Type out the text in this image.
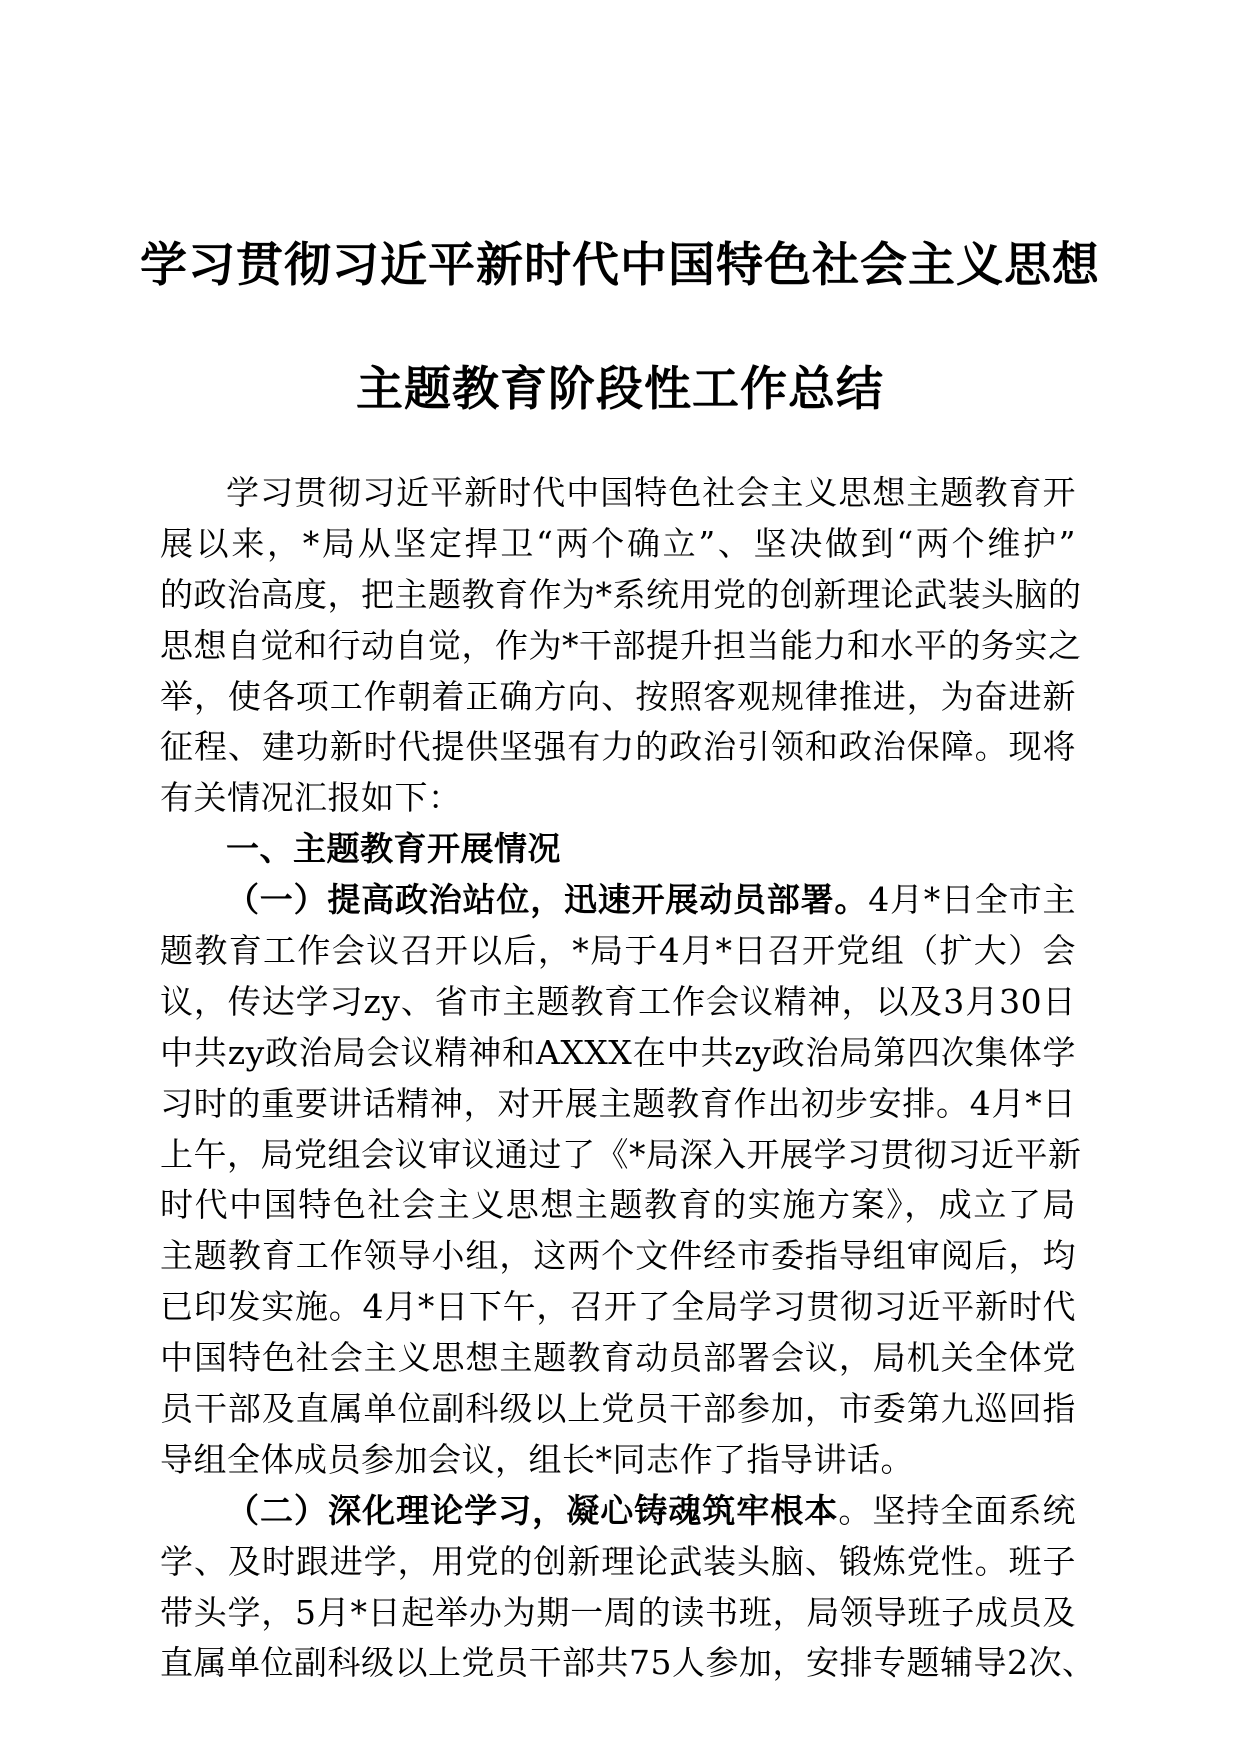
学习贯彻习近平新时代中国特色社会主义思想
主题教育阶段性工作总结
学习贯彻习近平新时代中国特色社会主义思想主题教育开
展以来，*局从坚定捍卫“两个确立”、坚决做到“两个维护”
的政治高度，把主题教育作为*系统用党的创新理论武装头脑的
思想自觉和行动自觉，作为*干部提升担当能力和水平的务实之
举，使各项工作朝着正确方向、按照客观规律推进，为奋进新
征程、建功新时代提供坚强有力的政治引领和政治保障。现将
有关情况汇报如下：
一、主题教育开展情况
（一）提高政治站位，迅速开展动员部署。4月*日全市主
题教育工作会议召开以后，*局于4月*日召开党组（扩大）会
议，传达学习zy、省市主题教育工作会议精神，以及3月30日
中共zy政治局会议精神和AXXX在中共zy政治局第四次集体学
习时的重要讲话精神，对开展主题教育作出初步安排。4月*日
上午，局党组会议审议通过了《*局深入开展学习贯彻习近平新
时代中国特色社会主义思想主题教育的实施方案》，成立了局
主题教育工作领导小组，这两个文件经市委指导组审阅后，均
已印发实施。4月*日下午，召开了全局学习贯彻习近平新时代
中国特色社会主义思想主题教育动员部署会议，局机关全体党
员干部及直属单位副科级以上党员干部参加，市委第九巡回指
导组全体成员参加会议，组长*同志作了指导讲话。
（二）深化理论学习，凝心铸魂筑牢根本。坚持全面系统
学、及时跟进学，用党的创新理论武装头脑、锻炼党性。班子
带头学，5月*日起举办为期一周的读书班，局领导班子成员及
直属单位副科级以上党员干部共75人参加，安排专题辅导2次、
